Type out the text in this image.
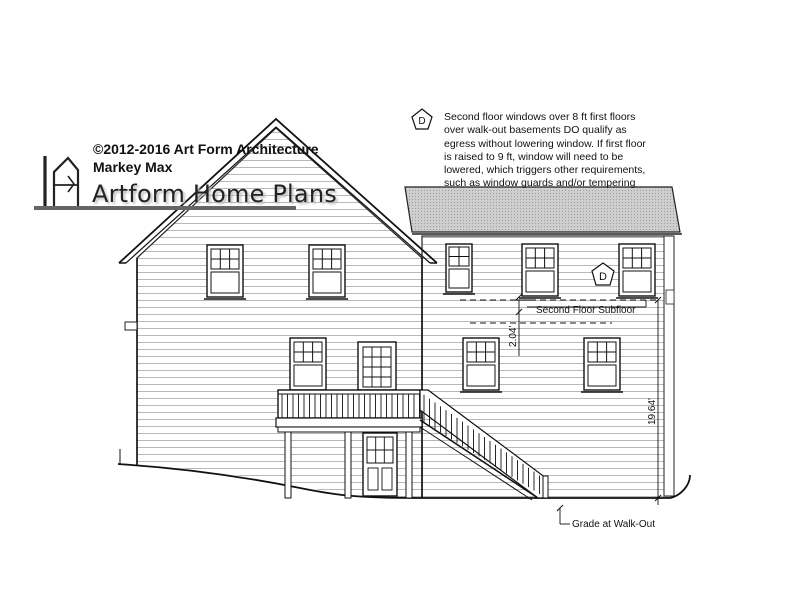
Second Floor Subfloor
2.04'
19.64'
Grade at Walk-Out
D
D
©2012-2016 Art Form Architecture
Markey Max
Artform Home Plans
Second floor windows over 8 ft first floors
over walk-out basements DO qualify as
egress without lowering window. If first floor
is raised to 9 ft, window will need to be
lowered, which triggers other requirements,
such as window guards and/or tempering
